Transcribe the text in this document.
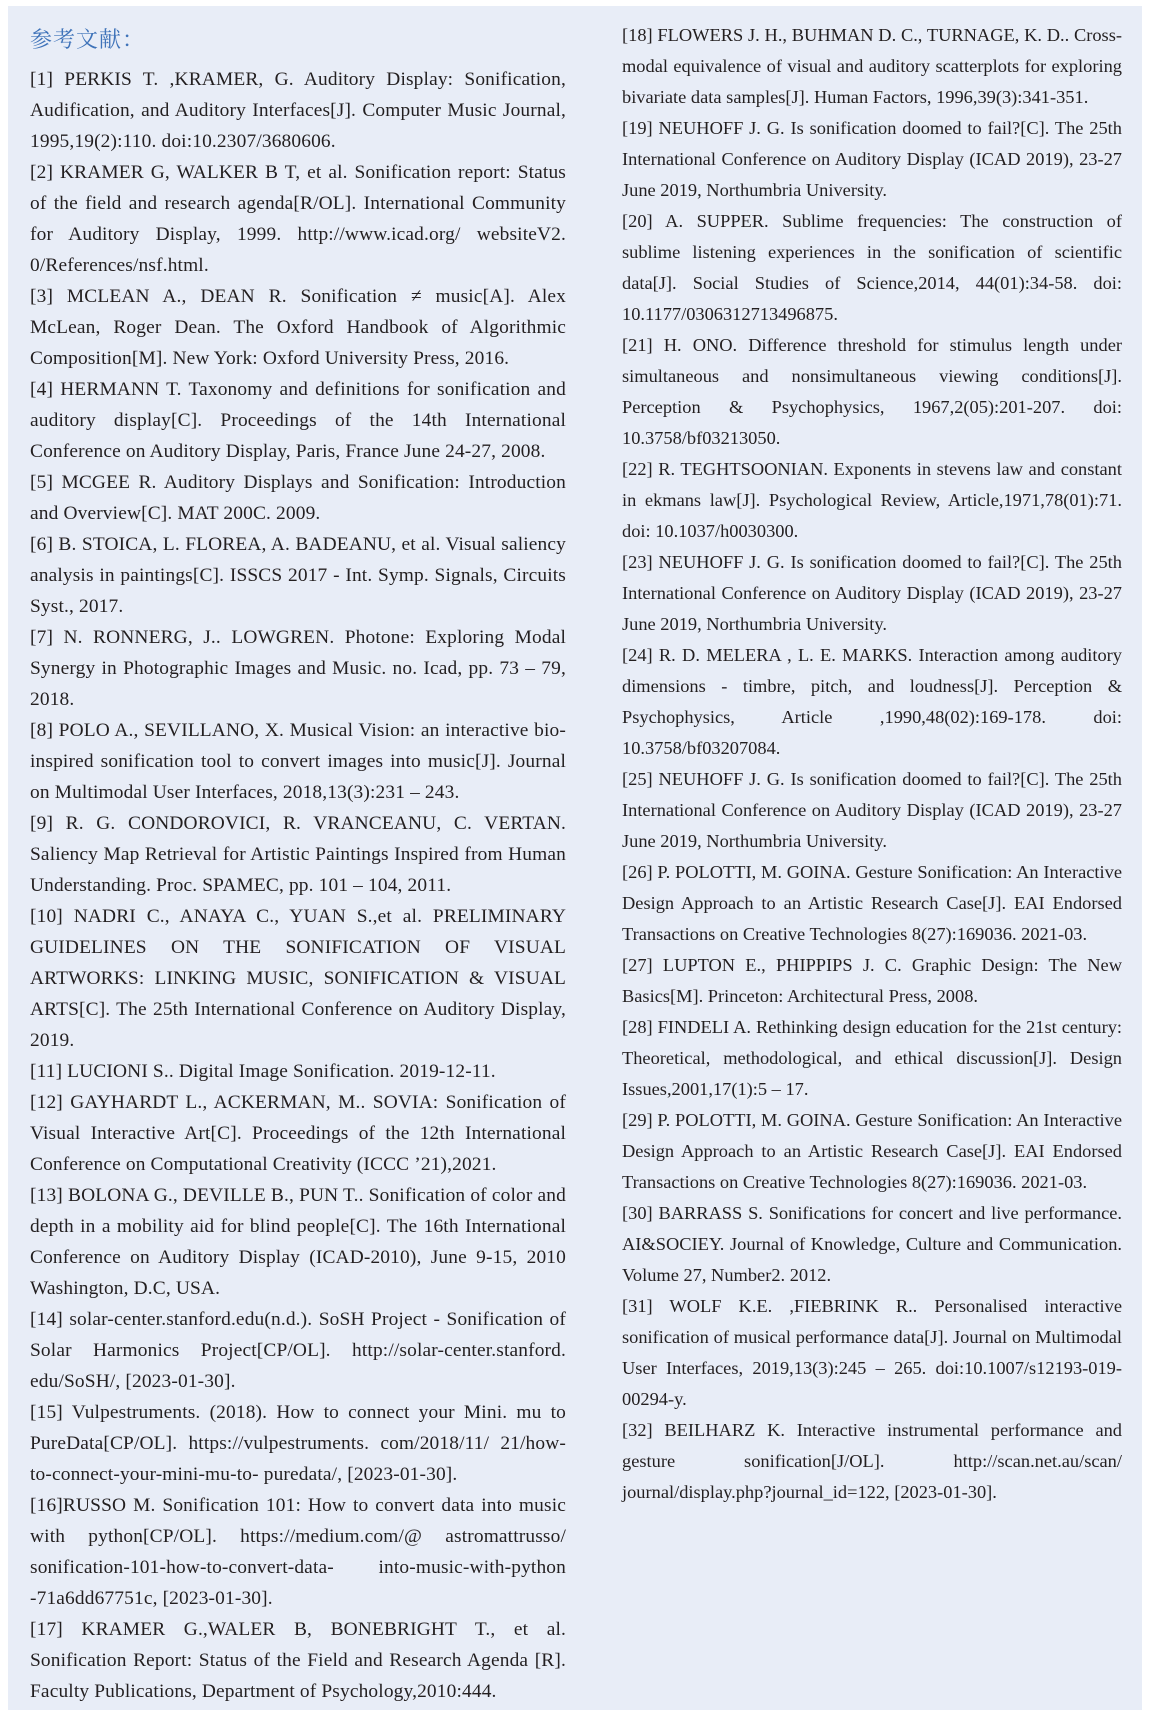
参考文献：

[1] PERKIS T. ,KRAMER, G. Auditory Display: Sonification, Audification, and Auditory Interfaces[J]. Computer Music Journal, 1995,19(2):110. doi:10.2307/3680606.

[2] KRAMER G, WALKER B T, et al. Sonification report: Status of the field and research agenda[R/OL]. International Community for Auditory Display, 1999. http://www.icad.org/ websiteV2. 0/References/nsf.html.

[3] MCLEAN A., DEAN R. Sonification ≠ music[A]. Alex McLean, Roger Dean. The Oxford Handbook of Algorithmic Composition[M]. New York: Oxford University Press, 2016.

[4] HERMANN T. Taxonomy and definitions for sonification and auditory display[C]. Proceedings of the 14th International Conference on Auditory Display, Paris, France June 24-27, 2008.

[5] MCGEE R. Auditory Displays and Sonification: Introduction and Overview[C]. MAT 200C. 2009.

[6] B. STOICA, L. FLOREA, A. BADEANU, et al. Visual saliency analysis in paintings[C]. ISSCS 2017 - Int. Symp. Signals, Circuits Syst., 2017.

[7] N. RONNERG, J.. LOWGREN. Photone: Exploring Modal Synergy in Photographic Images and Music. no. Icad, pp. 73 – 79, 2018.

[8] POLO A., SEVILLANO, X. Musical Vision: an interactive bio-inspired sonification tool to convert images into music[J]. Journal on Multimodal User Interfaces, 2018,13(3):231 – 243.

[9] R. G. CONDOROVICI, R. VRANCEANU, C. VERTAN. Saliency Map Retrieval for Artistic Paintings Inspired from Human Understanding. Proc. SPAMEC, pp. 101 – 104, 2011.

[10] NADRI C., ANAYA C., YUAN S.,et al. PRELIMINARY GUIDELINES ON THE SONIFICATION OF VISUAL ARTWORKS: LINKING MUSIC, SONIFICATION & VISUAL ARTS[C]. The 25th International Conference on Auditory Display, 2019.

[11] LUCIONI S.. Digital Image Sonification. 2019-12-11.

[12] GAYHARDT L., ACKERMAN, M.. SOVIA: Sonification of Visual Interactive Art[C]. Proceedings of the 12th International Conference on Computational Creativity (ICCC ’21),2021.

[13] BOLONA G., DEVILLE B., PUN T.. Sonification of color and depth in a mobility aid for blind people[C]. The 16th International Conference on Auditory Display (ICAD-2010), June 9-15, 2010 Washington, D.C, USA.

[14] solar-center.stanford.edu(n.d.). SoSH Project - Sonification of Solar Harmonics Project[CP/OL]. http://solar-center.stanford. edu/SoSH/, [2023-01-30].

[15] Vulpestruments. (2018). How to connect your Mini. mu to PureData[CP/OL]. https://vulpestruments. com/2018/11/ 21/how-to-connect-your-mini-mu-to- puredata/, [2023-01-30].

[16]RUSSO M. Sonification 101: How to convert data into music with python[CP/OL]. https://medium.com/@ astromattrusso/ sonification-101-how-to-convert-data- into-music-with-python -71a6dd67751c, [2023-01-30].

[17] KRAMER G.,WALER B, BONEBRIGHT T., et al. Sonification Report: Status of the Field and Research Agenda [R]. Faculty Publications, Department of Psychology,2010:444.

[18] FLOWERS J. H., BUHMAN D. C., TURNAGE, K. D.. Cross-modal equivalence of visual and auditory scatterplots for exploring bivariate data samples[J]. Human Factors, 1996,39(3):341-351.

[19] NEUHOFF J. G. Is sonification doomed to fail?[C]. The 25th International Conference on Auditory Display (ICAD 2019), 23-27 June 2019, Northumbria University.

[20] A. SUPPER. Sublime frequencies: The construction of sublime listening experiences in the sonification of scientific data[J]. Social Studies of Science,2014, 44(01):34-58. doi: 10.1177/0306312713496875.

[21] H. ONO. Difference threshold for stimulus length under simultaneous and nonsimultaneous viewing conditions[J]. Perception & Psychophysics, 1967,2(05):201-207. doi: 10.3758/bf03213050.

[22] R. TEGHTSOONIAN. Exponents in stevens law and constant in ekmans law[J]. Psychological Review, Article,1971,78(01):71. doi: 10.1037/h0030300.

[23] NEUHOFF J. G. Is sonification doomed to fail?[C]. The 25th International Conference on Auditory Display (ICAD 2019), 23-27 June 2019, Northumbria University.

[24] R. D. MELERA , L. E. MARKS. Interaction among auditory dimensions - timbre, pitch, and loudness[J]. Perception & Psychophysics, Article ,1990,48(02):169-178. doi: 10.3758/bf03207084.

[25] NEUHOFF J. G. Is sonification doomed to fail?[C]. The 25th International Conference on Auditory Display (ICAD 2019), 23-27 June 2019, Northumbria University.

[26] P. POLOTTI, M. GOINA. Gesture Sonification: An Interactive Design Approach to an Artistic Research Case[J]. EAI Endorsed Transactions on Creative Technologies 8(27):169036. 2021-03.

[27] LUPTON E., PHIPPIPS J. C. Graphic Design: The New Basics[M]. Princeton: Architectural Press, 2008.

[28] FINDELI A. Rethinking design education for the 21st century: Theoretical, methodological, and ethical discussion[J]. Design Issues,2001,17(1):5 – 17.

[29] P. POLOTTI, M. GOINA. Gesture Sonification: An Interactive Design Approach to an Artistic Research Case[J]. EAI Endorsed Transactions on Creative Technologies 8(27):169036. 2021-03.

[30] BARRASS S. Sonifications for concert and live performance. AI&SOCIEY. Journal of Knowledge, Culture and Communication. Volume 27, Number2. 2012.

[31] WOLF K.E. ,FIEBRINK R.. Personalised interactive sonification of musical performance data[J]. Journal on Multimodal User Interfaces, 2019,13(3):245 – 265. doi:10.1007/s12193-019-00294-y.

[32] BEILHARZ K. Interactive instrumental performance and gesture sonification[J/OL]. http://scan.net.au/scan/ journal/display.php?journal_id=122, [2023-01-30].
